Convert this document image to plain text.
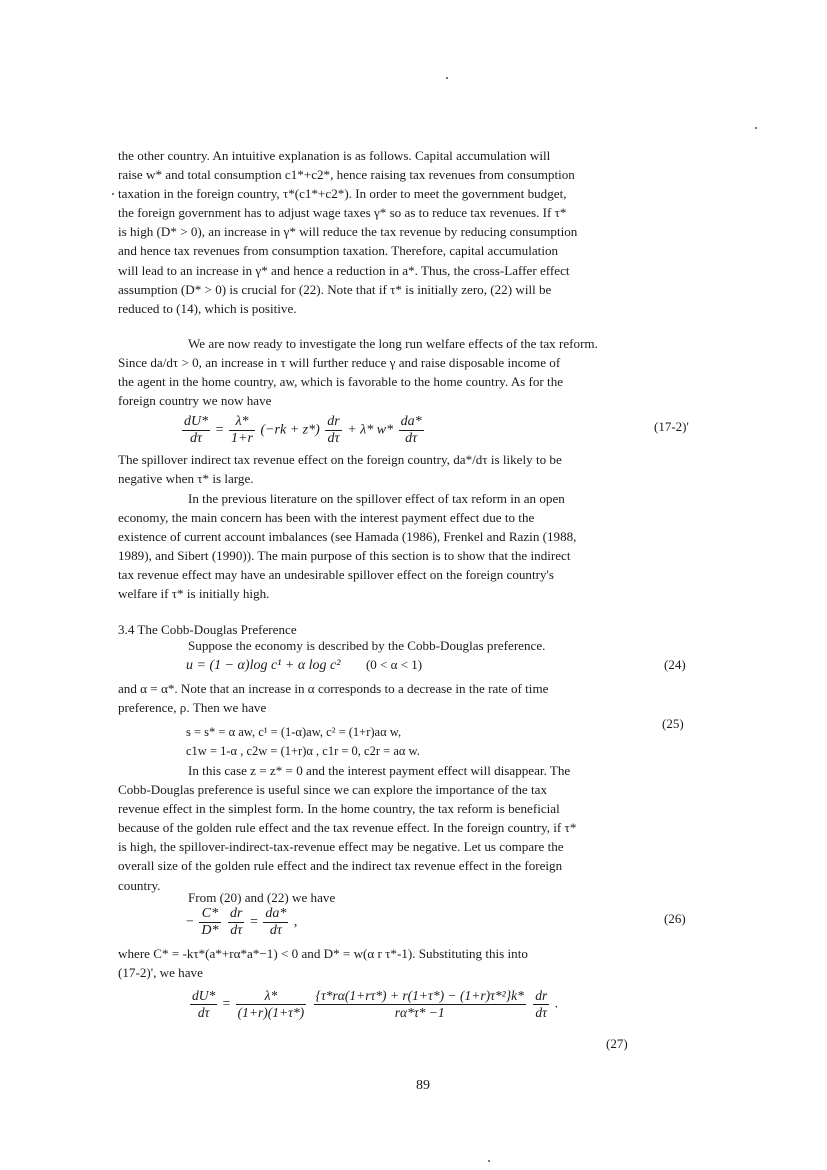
the other country. An intuitive explanation is as follows. Capital accumulation will
raise w* and total consumption c1*+c2*, hence raising tax revenues from consumption
taxation in the foreign country, τ*(c1*+c2*). In order to meet the government budget,
the foreign government has to adjust wage taxes γ* so as to reduce tax revenues. If τ*
is high (D* > 0), an increase in γ* will reduce the tax revenue by reducing consumption
and hence tax revenues from consumption taxation. Therefore, capital accumulation
will lead to an increase in γ* and hence a reduction in a*. Thus, the cross-Laffer effect
assumption (D* > 0) is crucial for (22). Note that if τ* is initially zero, (22) will be
reduced to (14), which is positive.
We are now ready to investigate the long run welfare effects of the tax reform.
Since da/dτ > 0, an increase in τ will further reduce γ and raise disposable income of
the agent in the home country, aw, which is favorable to the home country. As for the
foreign country we now have
$\frac{dU*}{d\tau} = \frac{\lambda*}{1+r} (-rk + z*) \frac{dr}{d\tau} + \lambda*$ $w* \frac{da*}{d\tau}$	(17-2)'
The spillover indirect tax revenue effect on the foreign country, da*/dτ is likely to be
negative when τ* is large.
In the previous literature on the spillover effect of tax reform in an open
economy, the main concern has been with the interest payment effect due to the
existence of current account imbalances (see Hamada (1986), Frenkel and Razin (1988,
1989), and Sibert (1990)). The main purpose of this section is to show that the indirect
tax revenue effect may have an undesirable spillover effect on the foreign country's
welfare if τ* is initially high.
3.4 The Cobb-Douglas Preference
Suppose the economy is described by the Cobb-Douglas preference.
u = (1 − α)log c¹ + α log c² (0 < α < 1)	(24)
and α = α*. Note that an increase in α corresponds to a decrease in the rate of time
preference, ρ. Then we have
s = s* = α aw, c¹ = (1-α)aw, c² = (1+r)aα w,
c1w = 1-α , c2w = (1+r)α , c1r = 0, c2r = aα w.
(25)
In this case z = z* = 0 and the interest payment effect will disappear. The
Cobb-Douglas preference is useful since we can explore the importance of the tax
revenue effect in the simplest form. In the home country, the tax reform is beneficial
because of the golden rule effect and the tax revenue effect. In the foreign country, if τ*
is high, the spillover-indirect-tax-revenue effect may be negative. Let us compare the
overall size of the golden rule effect and the indirect tax revenue effect in the foreign
country.
From (20) and (22) we have
− $\frac{C*}{D*}$
$\frac{dr}{d\tau} = \frac{da*}{d\tau}$ ,	(26)
where C* = -kτ*(a*+rα*a*−1) < 0 and D* = w(α r τ*-1). Substituting this into
(17-2)', we have
$\frac{dU*}{d\tau} = \frac{\lambda*}{(1+r)(1+\tau*)}$
$\frac{\text{\{τ*rα(1+rτ*) + r(1+τ*) − (1+r)τ*²\}k*}}{r\alpha*\tau* -1}$
$\frac{dr}{d\tau}$ .
(27)
89
